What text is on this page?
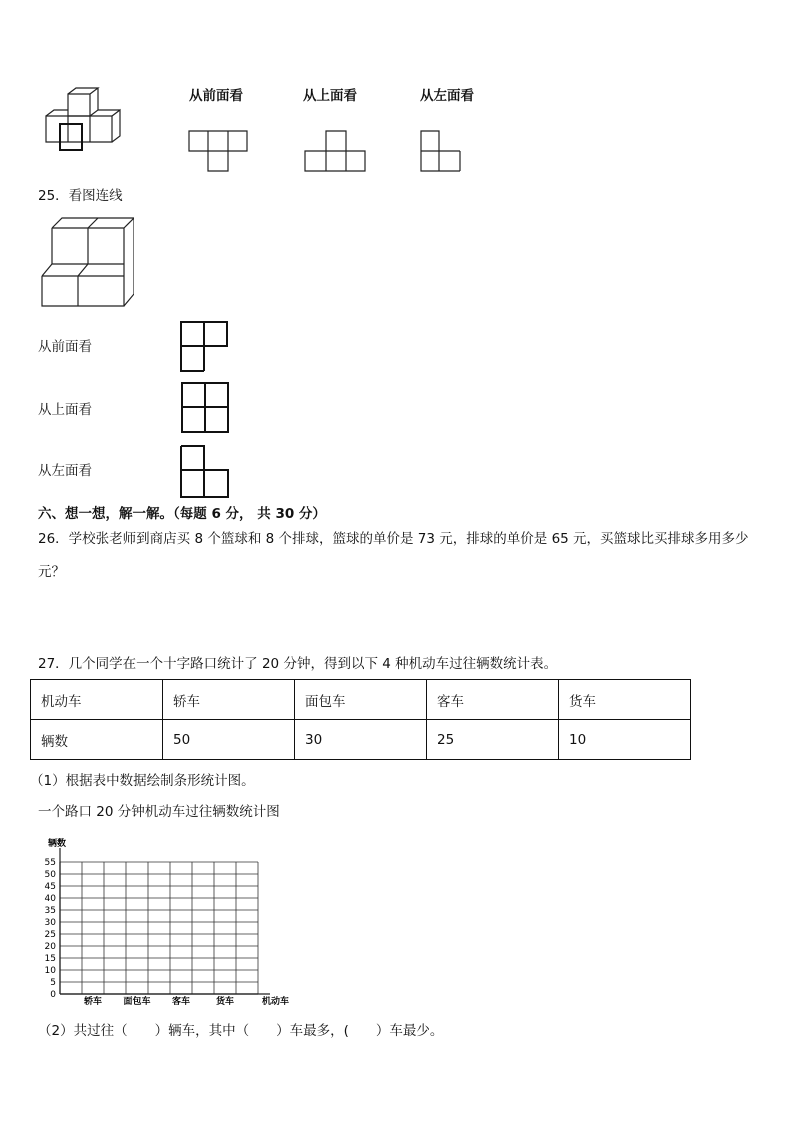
从前面看	从上面看	从左面看
25．看图连线
从前面看
从上面看
从左面看
六、想一想，解一解。（每题 6 分， 共 30 分）
26．学校张老师到商店买 8 个篮球和 8 个排球，篮球的单价是 73 元，排球的单价是 65 元，买篮球比买排球多用多少
元？
27．几个同学在一个十字路口统计了 20 分钟，得到以下 4 种机动车过往辆数统计表。
机动车	轿车	面包车	客车	货车
辆数	50	30	25	10
（1）根据表中数据绘制条形统计图。
一个路口 20 分钟机动车过往辆数统计图
0
5
10
15
20
25
30
35
40
45
50
55
轿车 面包车 客车	货车
辆数
机动车
（2）共过往（　　）辆车，其中（　　）车最多，(　　）车最少。
